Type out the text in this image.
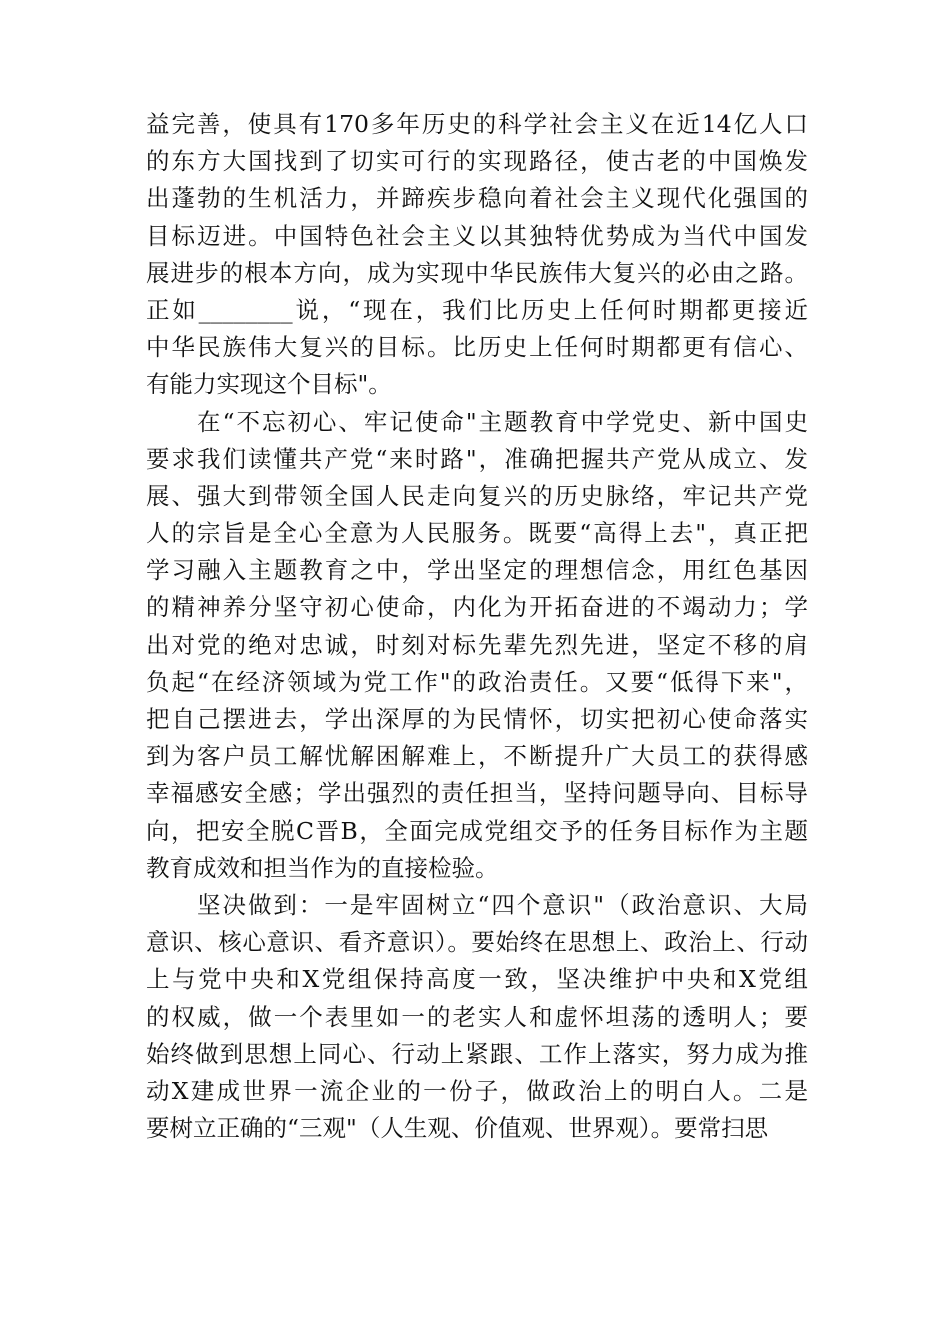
益完善，使具有170多年历史的科学社会主义在近14亿人口
的东方大国找到了切实可行的实现路径，使古老的中国焕发
出蓬勃的生机活力，并蹄疾步稳向着社会主义现代化强国的
目标迈进。中国特色社会主义以其独特优势成为当代中国发
展进步的根本方向，成为实现中华民族伟大复兴的必由之路。
正如________说，“现在，我们比历史上任何时期都更接近
中华民族伟大复兴的目标。比历史上任何时期都更有信心、
有能力实现这个目标"。
　　在“不忘初心、牢记使命"主题教育中学党史、新中国史
要求我们读懂共产党“来时路"，准确把握共产党从成立、发
展、强大到带领全国人民走向复兴的历史脉络，牢记共产党
人的宗旨是全心全意为人民服务。既要“高得上去"，真正把
学习融入主题教育之中，学出坚定的理想信念，用红色基因
的精神养分坚守初心使命，内化为开拓奋进的不竭动力；学
出对党的绝对忠诚，时刻对标先辈先烈先进，坚定不移的肩
负起“在经济领域为党工作"的政治责任。又要“低得下来"，
把自己摆进去，学出深厚的为民情怀，切实把初心使命落实
到为客户员工解忧解困解难上，不断提升广大员工的获得感
幸福感安全感；学出强烈的责任担当，坚持问题导向、目标导
向，把安全脱C晋B，全面完成党组交予的任务目标作为主题
教育成效和担当作为的直接检验。
　　坚决做到：一是牢固树立“四个意识"（政治意识、大局
意识、核心意识、看齐意识）。要始终在思想上、政治上、行动
上与党中央和X党组保持高度一致，坚决维护中央和X党组
的权威，做一个表里如一的老实人和虚怀坦荡的透明人；要
始终做到思想上同心、行动上紧跟、工作上落实，努力成为推
动X建成世界一流企业的一份子，做政治上的明白人。二是
要树立正确的“三观"（人生观、价值观、世界观）。要常扫思
